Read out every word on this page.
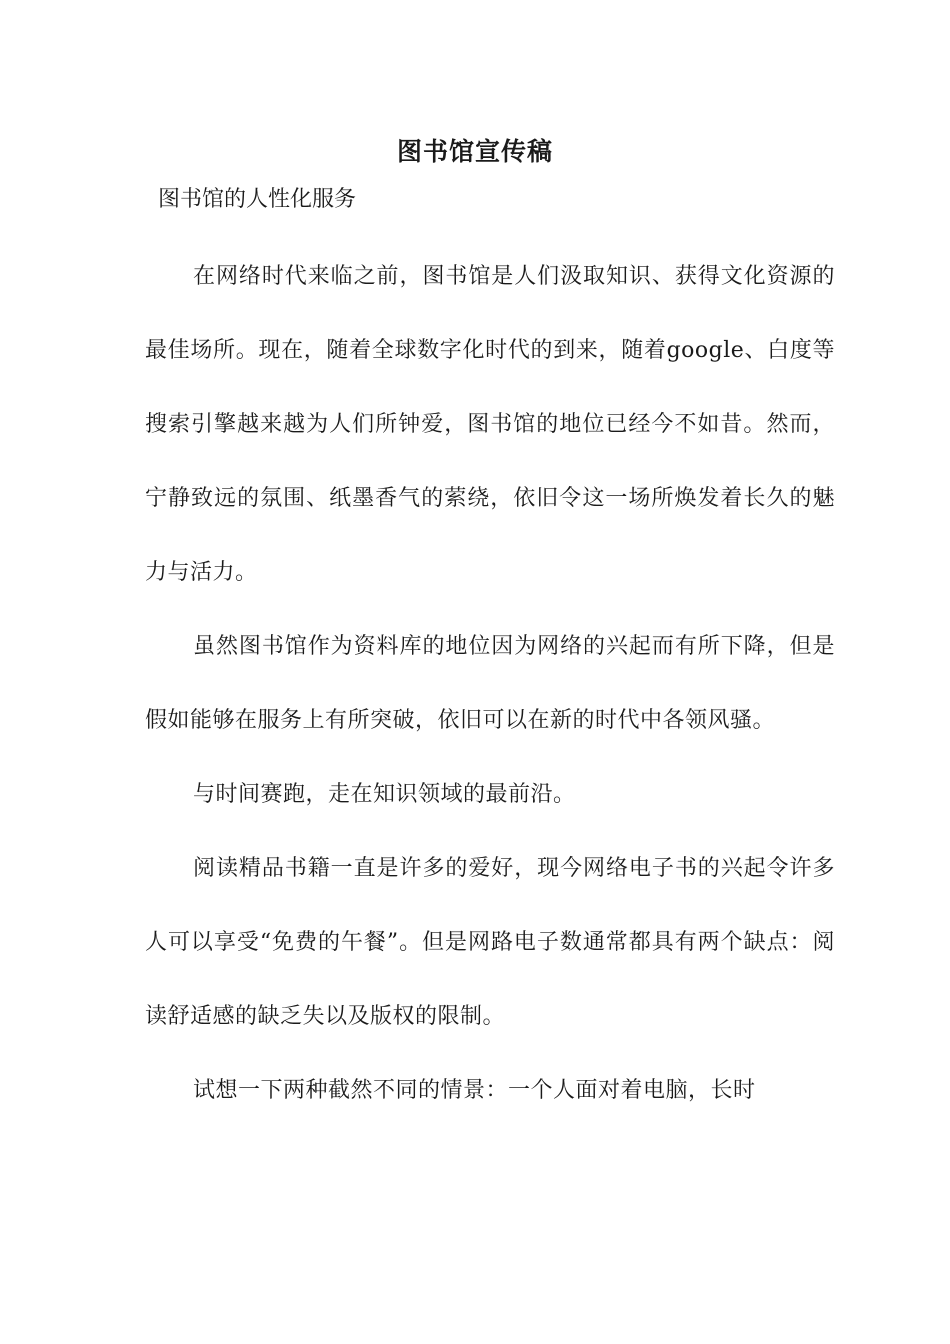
图书馆宣传稿
图书馆的人性化服务

在网络时代来临之前，图书馆是人们汲取知识、获得文化资源的最佳场所。现在，随着全球数字化时代的到来，随着google、白度等搜索引擎越来越为人们所钟爱，图书馆的地位已经今不如昔。然而，宁静致远的氛围、纸墨香气的萦绕，依旧令这一场所焕发着长久的魅力与活力。

虽然图书馆作为资料库的地位因为网络的兴起而有所下降，但是假如能够在服务上有所突破，依旧可以在新的时代中各领风骚。

与时间赛跑，走在知识领域的最前沿。

阅读精品书籍一直是许多的爱好，现今网络电子书的兴起令许多人可以享受“免费的午餐”。但是网路电子数通常都具有两个缺点：阅读舒适感的缺乏失以及版权的限制。

试想一下两种截然不同的情景：一个人面对着电脑，长时
